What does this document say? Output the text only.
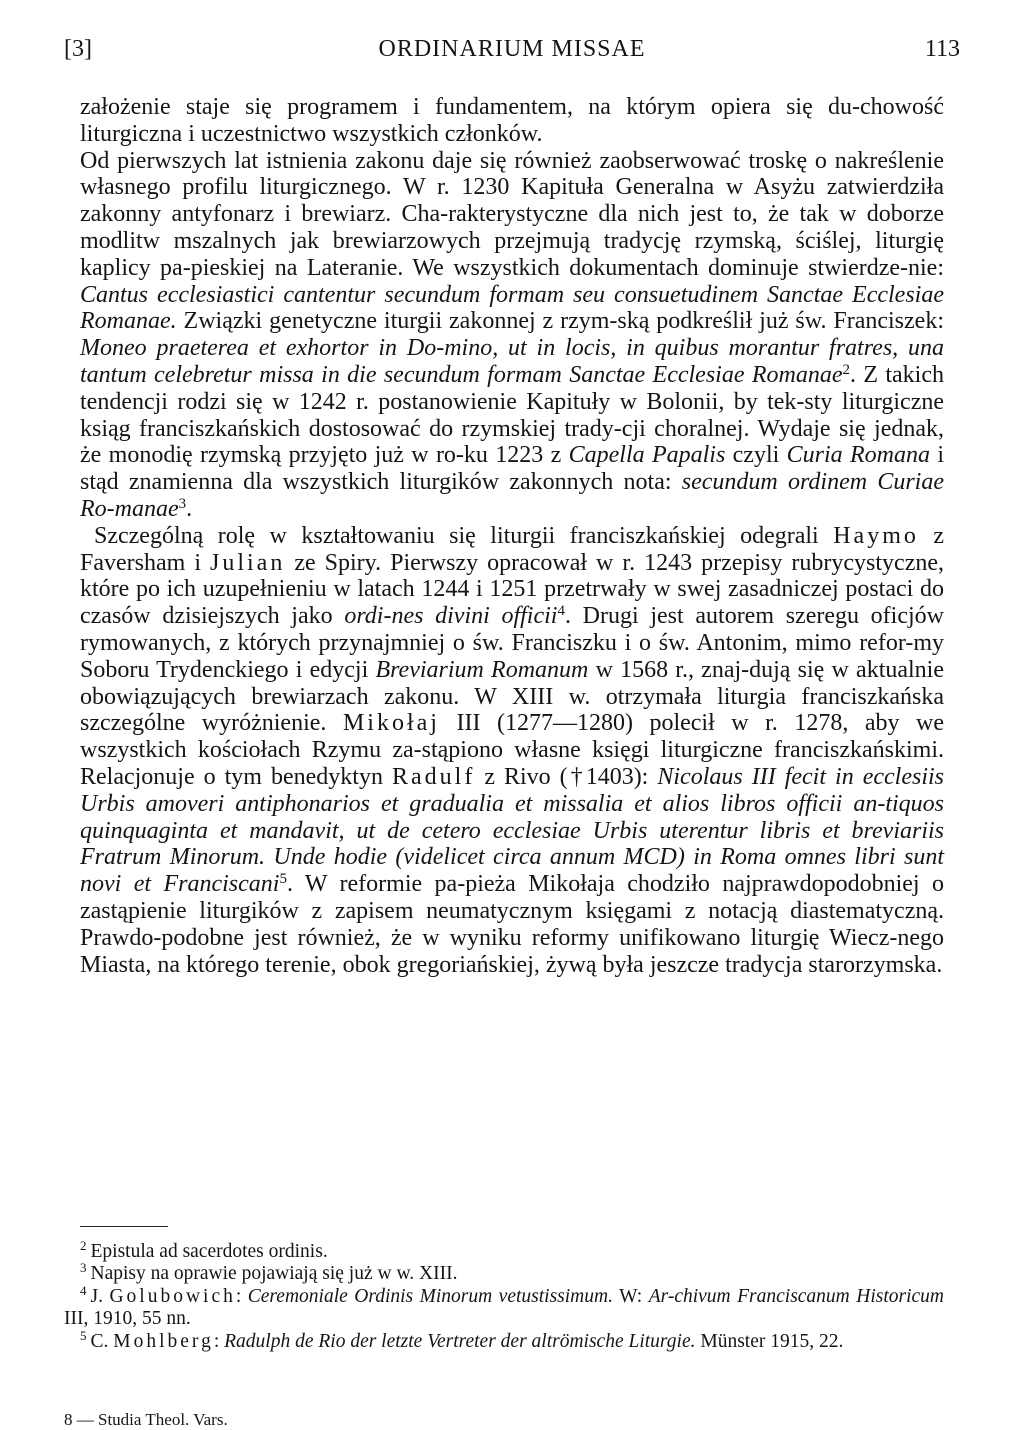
[3]	ORDINARIUM MISSAE	113

założenie staje się programem i fundamentem, na którym opiera się du-chowość liturgiczna i uczestnictwo wszystkich członków.
Od pierwszych lat istnienia zakonu daje się również zaobserwować troskę o nakreślenie własnego profilu liturgicznego. W r. 1230 Kapituła Generalna w Asyżu zatwierdziła zakonny antyfonarz i brewiarz. Cha-rakterystyczne dla nich jest to, że tak w doborze modlitw mszalnych jak brewiarzowych przejmują tradycję rzymską, ściślej, liturgię kaplicy pa-pieskiej na Lateranie. We wszystkich dokumentach dominuje stwierdze-nie: Cantus ecclesiastici cantentur secundum formam seu consuetudinem Sanctae Ecclesiae Romanae. Związki genetyczne iturgii zakonnej z rzym-ską podkreślił już św. Franciszek: Moneo praeterea et exhortor in Do-mino, ut in locis, in quibus morantur fratres, una tantum celebretur missa in die secundum formam Sanctae Ecclesiae Romanae$^2$. Z takich tendencji rodzi się w 1242 r. postanowienie Kapituły w Bolonii, by tek-sty liturgiczne ksiąg franciszkańskich dostosować do rzymskiej trady-cji choralnej. Wydaje się jednak, że monodię rzymską przyjęto już w ro-ku 1223 z Capella Papalis czyli Curia Romana i stąd znamienna dla wszystkich liturgików zakonnych nota: secundum ordinem Curiae Ro-manae$^3$.

Szczególną rolę w kształtowaniu się liturgii franciszkańskiej odegrali Haymo z Faversham i Julian ze Spiry. Pierwszy opracował w r. 1243 przepisy rubrycystyczne, które po ich uzupełnieniu w latach 1244 i 1251 przetrwały w swej zasadniczej postaci do czasów dzisiejszych jako ordi-nes divini officii$^4$. Drugi jest autorem szeregu oficjów rymowanych, z których przynajmniej o św. Franciszku i o św. Antonim, mimo refor-my Soboru Trydenckiego i edycji Breviarium Romanum w 1568 r., znaj-dują się w aktualnie obowiązujących brewiarzach zakonu. W XIII w. otrzymała liturgia franciszkańska szczególne wyróżnienie. Mikołaj III (1277—1280) polecił w r. 1278, aby we wszystkich kościołach Rzymu za-stąpiono własne księgi liturgiczne franciszkańskimi. Relacjonuje o tym benedyktyn Radulf z Rivo (†1403): Nicolaus III fecit in ecclesiis Urbis amoveri antiphonarios et gradualia et missalia et alios libros officii an-tiquos quinquaginta et mandavit, ut de cetero ecclesiae Urbis uterentur libris et breviariis Fratrum Minorum. Unde hodie (videlicet circa annum MCD) in Roma omnes libri sunt novi et Franciscani$^5$. W reformie pa-pieża Mikołaja chodziło najprawdopodobniej o zastąpienie liturgików z zapisem neumatycznym księgami z notacją diastematyczną. Prawdo-podobne jest również, że w wyniku reformy unifikowano liturgię Wiecz-nego Miasta, na którego terenie, obok gregoriańskiej, żywą była jeszcze tradycja starorzymska.

$^2$ Epistula ad sacerdotes ordinis.

$^3$ Napisy na oprawie pojawiają się już w w. XIII.

$^4$ J. Golubowich: Ceremoniale Ordinis Minorum vetustissimum. W: Ar-chivum Franciscanum Historicum III, 1910, 55 nn.

$^5$ C. Mohlberg: Radulph de Rio der letzte Vertreter der altrömische Liturgie. Münster 1915, 22.

8 — Studia Theol. Vars.
